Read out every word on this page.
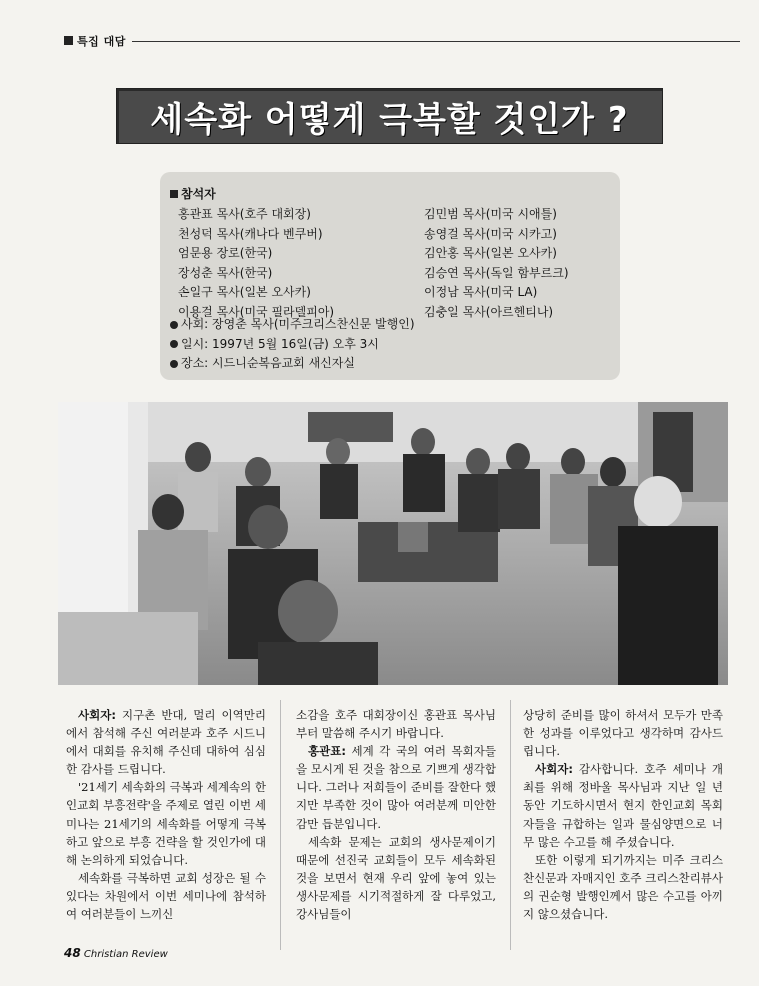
특집 대담
세속화 어떻게 극복할 것인가 ?
참석자
홍관표 목사(호주 대회장)
천성덕 목사(캐나다 벤쿠버)
엄문용 장로(한국)
장성춘 목사(한국)
손일구 목사(일본 오사카)
이용걸 목사(미국 필라델피아)
김민범 목사(미국 시애틀)
송영걸 목사(미국 시카고)
김안홍 목사(일본 오사카)
김승연 목사(독일 함부르크)
이정남 목사(미국 LA)
김충일 목사(아르헨티나)
사회: 장영춘 목사(미주크리스찬신문 발행인)
일시: 1997년 5월 16일(금) 오후 3시
장소: 시드니순복음교회 새신자실

사회자: 지구촌 반대, 멀리 이역만리에서 참석해 주신 여러분과 호주 시드니에서 대회를 유치해 주신데 대하여 심심한 감사를 드립니다.

'21세기 세속화의 극복과 세계속의 한인교회 부흥전략'을 주제로 열린 이번 세미나는 21세기의 세속화를 어떻게 극복하고 앞으로 부흥 건략을 할 것인가에 대해 논의하게 되었습니다.

세속화를 극복하면 교회 성장은 될 수 있다는 차원에서 이번 세미나에 참석하여 여러분들이 느끼신

소감을 호주 대회장이신 홍관표 목사님부터 말씀해 주시기 바랍니다.

홍관표: 세계 각 국의 여러 목회자들을 모시게 된 것을 참으로 기쁘게 생각합니다. 그러나 저희들이 준비를 잘한다 했지만 부족한 것이 많아 여러분께 미안한 감만 듭분입니다.

세속화 문제는 교회의 생사문제이기 때문에 선진국 교회들이 모두 세속화된 것을 보면서 현재 우리 앞에 놓여 있는 생사문제를 시기적절하게 잘 다루었고, 강사님들이

상당히 준비를 많이 하셔서 모두가 만족한 성과를 이루었다고 생각하며 감사드립니다.

사회자: 감사합니다. 호주 세미나 개최를 위해 정바울 목사님과 지난 일 년 동안 기도하시면서 현지 한인교회 목회자들을 규합하는 일과 물심양면으로 너무 많은 수고를 해 주셨습니다.

또한 이렇게 되기까지는 미주 크리스찬신문과 자매지인 호주 크리스찬리뷰사의 권순형 발행인께서 많은 수고를 아끼지 않으셨습니다.

48 Christian Review
